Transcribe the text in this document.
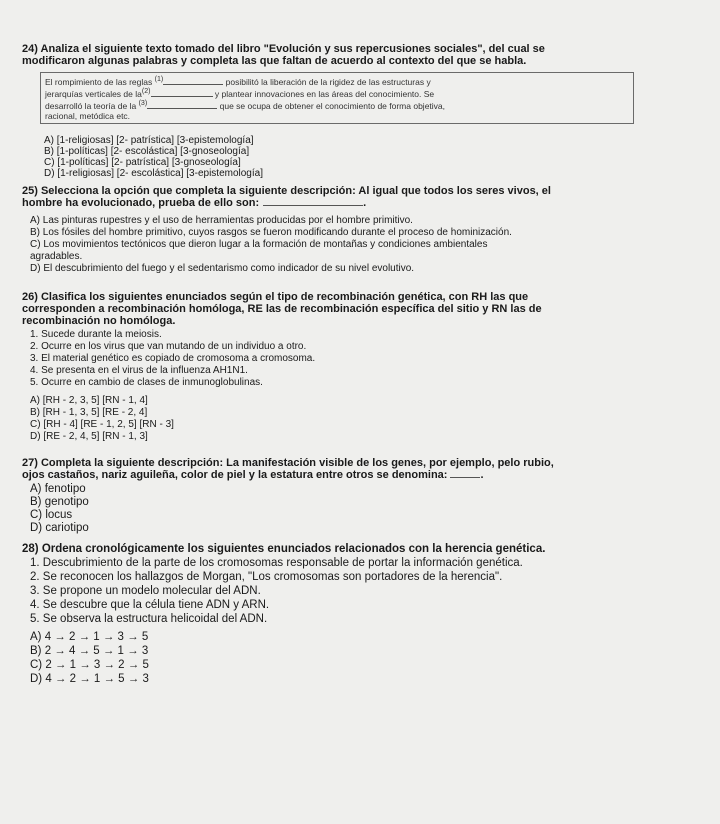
24) Analiza el siguiente texto tomado del libro "Evolución y sus repercusiones sociales", del cual se
modificaron algunas palabras y completa las que faltan de acuerdo al contexto del que se habla.
El rompimiento de las reglas $^{(1)}$	posibilitó la liberación de la rigidez de las estructuras y
jerarquías verticales de $la^{(2)}$	y plantear innovaciones en las áreas del conocimiento. Se
desarrolló la teoría de la $^{(3)}$	que se ocupa de obtener el conocimiento de forma objetiva,
racional, metódica etc.
A) [1-religiosas] [2- patrística] [3-epistemología]
B) [1-políticas] [2- escolástica] [3-gnoseología]
C) [1-políticas] [2- patrística] [3-gnoseología]
D) [1-religiosas] [2- escolástica] [3-epistemología]
25) Selecciona la opción que completa la siguiente descripción: Al igual que todos los seres vivos, el
hombre ha evolucionado, prueba de ello son:	.
A) Las pinturas rupestres y el uso de herramientas producidas por el hombre primitivo.
B) Los fósiles del hombre primitivo, cuyos rasgos se fueron modificando durante el proceso de hominización.
C) Los movimientos tectónicos que dieron lugar a la formación de montañas y condiciones ambientales
agradables.
D) El descubrimiento del fuego y el sedentarismo como indicador de su nivel evolutivo.
26) Clasifica los siguientes enunciados según el tipo de recombinación genética, con RH las que
corresponden a recombinación homóloga, RE las de recombinación específica del sitio y RN las de
recombinación no homóloga.
1. Sucede durante la meiosis.
2. Ocurre en los virus que van mutando de un individuo a otro.
3. El material genético es copiado de cromosoma a cromosoma.
4. Se presenta en el virus de la influenza AH1N1.
5. Ocurre en cambio de clases de inmunoglobulinas.
A) [RH - 2, 3, 5] [RN - 1, 4]
B) [RH - 1, 3, 5] [RE - 2, 4]
C) [RH - 4] [RE - 1, 2, 5] [RN - 3]
D) [RE - 2, 4, 5] [RN - 1, 3]
27) Completa la siguiente descripción: La manifestación visible de los genes, por ejemplo, pelo rubio,
ojos castaños, nariz aguileña, color de piel y la estatura entre otros se denomina:	.
A) fenotipo
B) genotipo
C) locus
D) cariotipo
28) Ordena cronológicamente los siguientes enunciados relacionados con la herencia genética.
1. Descubrimiento de la parte de los cromosomas responsable de portar la información genética.
2. Se reconocen los hallazgos de Morgan, "Los cromosomas son portadores de la herencia".
3. Se propone un modelo molecular del ADN.
4. Se descubre que la célula tiene ADN y ARN.
5. Se observa la estructura helicoidal del ADN.
A) 4 → 2 → 1 → 3 → 5
B) 2 → 4 → 5 → 1 → 3
C) 2 → 1 → 3 → 2 → 5
D) 4 → 2 → 1 → 5 → 3
